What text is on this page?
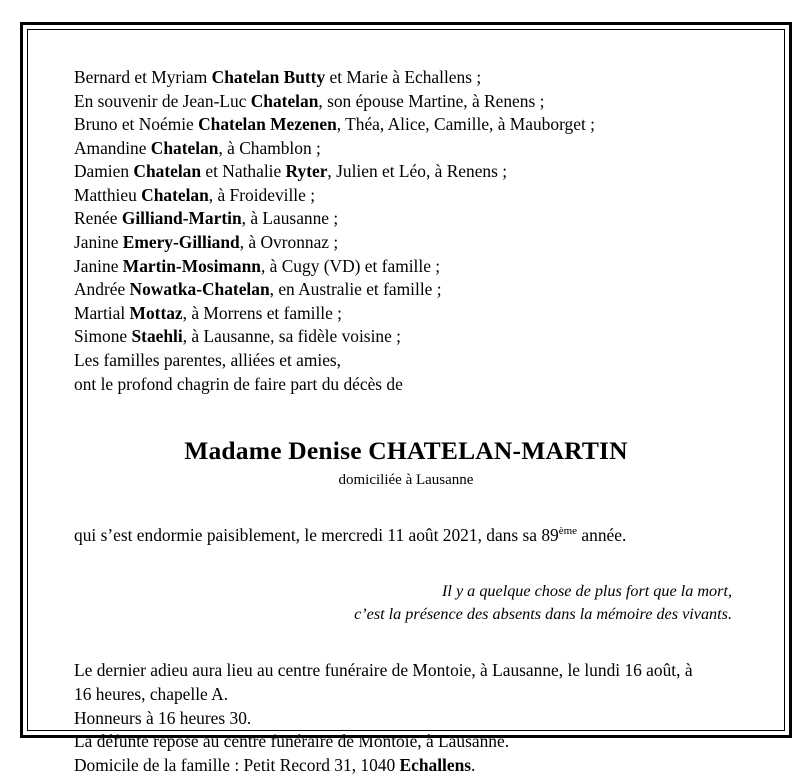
Bernard et Myriam Chatelan Butty et Marie à Echallens ;
En souvenir de Jean-Luc Chatelan, son épouse Martine, à Renens ;
Bruno et Noémie Chatelan Mezenen, Théa, Alice, Camille, à Mauborget ;
Amandine Chatelan, à Chamblon ;
Damien Chatelan et Nathalie Ryter, Julien et Léo, à Renens ;
Matthieu Chatelan, à Froideville ;
Renée Gilliand-Martin, à Lausanne ;
Janine Emery-Gilliand, à Ovronnaz ;
Janine Martin-Mosimann, à Cugy (VD) et famille ;
Andrée Nowatka-Chatelan, en Australie et famille ;
Martial Mottaz, à Morrens et famille ;
Simone Staehli, à Lausanne, sa fidèle voisine ;
Les familles parentes, alliées et amies,
ont le profond chagrin de faire part du décès de
Madame Denise CHATELAN-MARTIN
domiciliée à Lausanne
qui s’est endormie paisiblement, le mercredi 11 août 2021, dans sa 89ème année.
Il y a quelque chose de plus fort que la mort,
c’est la présence des absents dans la mémoire des vivants.
Le dernier adieu aura lieu au centre funéraire de Montoie, à Lausanne, le lundi 16 août, à
16 heures, chapelle A.
Honneurs à 16 heures 30.
La défunte repose au centre funéraire de Montoie, à Lausanne.
Domicile de la famille : Petit Record 31, 1040 Echallens.
